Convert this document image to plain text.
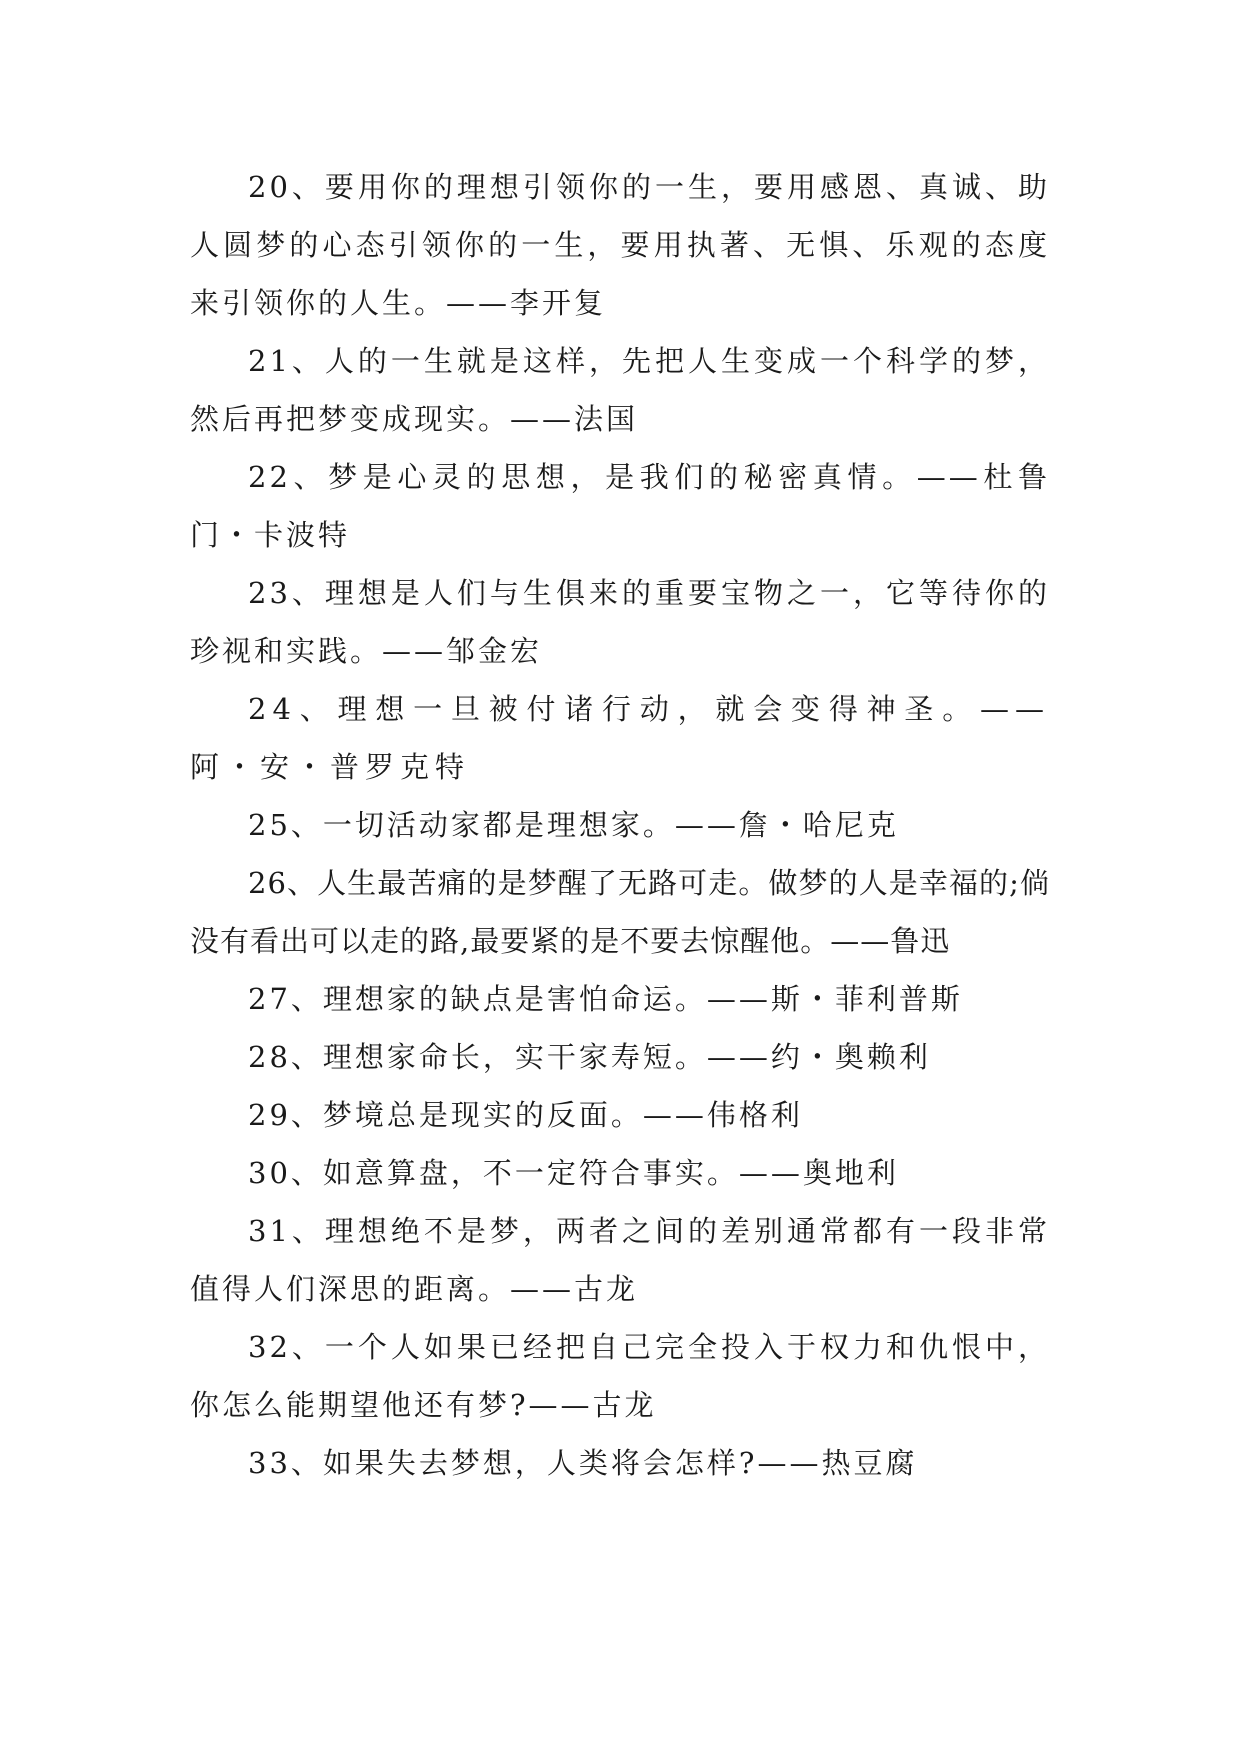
20、要用你的理想引领你的一生，要用感恩、真诚、助人圆梦的心态引领你的一生，要用执著、无惧、乐观的态度来引领你的人生。——李开复

21、人的一生就是这样，先把人生变成一个科学的梦，然后再把梦变成现实。——法国

22、梦是心灵的思想，是我们的秘密真情。——杜鲁门・卡波特

23、理想是人们与生俱来的重要宝物之一，它等待你的珍视和实践。——邹金宏

24、理想一旦被付诸行动，就会变得神圣。——阿・安・普罗克特

25、一切活动家都是理想家。——詹・哈尼克

26、人生最苦痛的是梦醒了无路可走。做梦的人是幸福的;倘没有看出可以走的路,最要紧的是不要去惊醒他。——鲁迅

27、理想家的缺点是害怕命运。——斯・菲利普斯

28、理想家命长，实干家寿短。——约・奥赖利

29、梦境总是现实的反面。——伟格利

30、如意算盘，不一定符合事实。——奥地利

31、理想绝不是梦，两者之间的差别通常都有一段非常值得人们深思的距离。——古龙

32、一个人如果已经把自己完全投入于权力和仇恨中，你怎么能期望他还有梦?——古龙

33、如果失去梦想，人类将会怎样?——热豆腐
